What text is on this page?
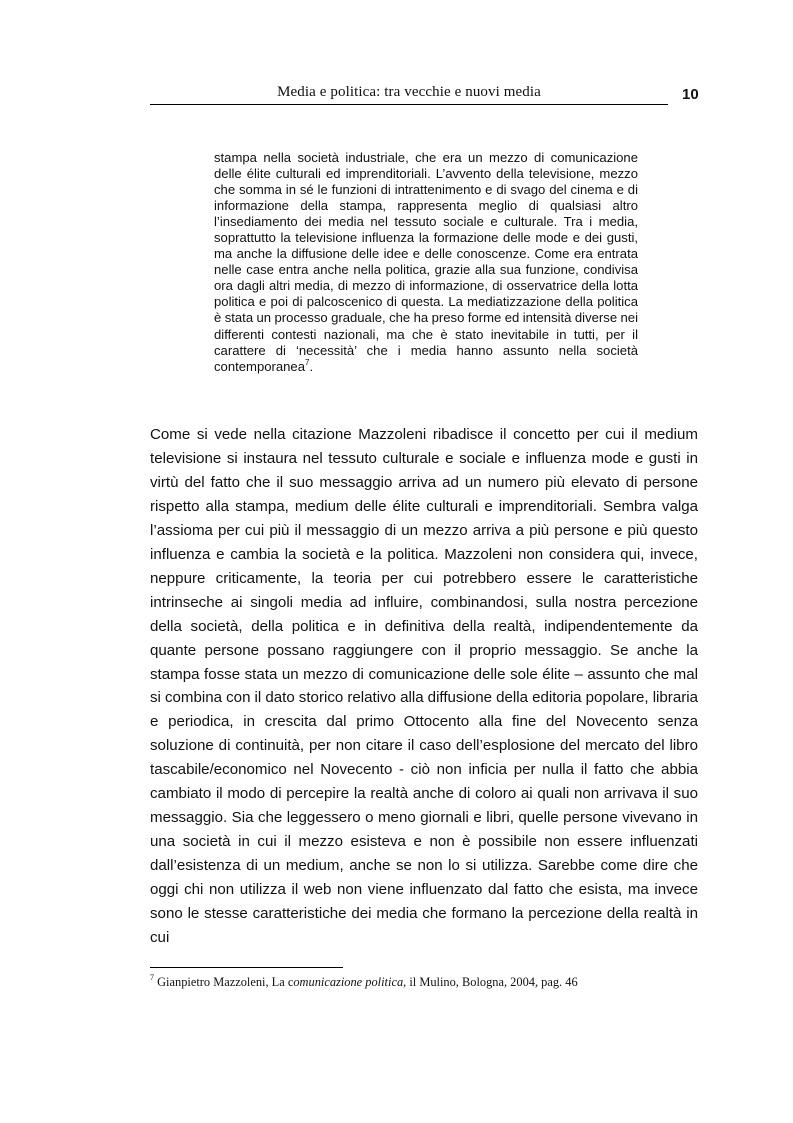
Media e politica: tra vecchie e nuovi media	10

stampa nella società industriale, che era un mezzo di comunicazione delle élite culturali ed imprenditoriali. L’avvento della televisione, mezzo che somma in sé le funzioni di intrattenimento e di svago del cinema e di informazione della stampa, rappresenta meglio di qualsiasi altro l’insediamento dei media nel tessuto sociale e culturale. Tra i media, soprattutto la televisione influenza la formazione delle mode e dei gusti, ma anche la diffusione delle idee e delle conoscenze. Come era entrata nelle case entra anche nella politica, grazie alla sua funzione, condivisa ora dagli altri media, di mezzo di informazione, di osservatrice della lotta politica e poi di palcoscenico di questa. La mediatizzazione della politica è stata un processo graduale, che ha preso forme ed intensità diverse nei differenti contesti nazionali, ma che è stato inevitabile in tutti, per il carattere di ‘necessità’ che i media hanno assunto nella società contemporanea$^7$.

Come si vede nella citazione Mazzoleni ribadisce il concetto per cui il medium televisione si instaura nel tessuto culturale e sociale e influenza mode e gusti in virtù del fatto che il suo messaggio arriva ad un numero più elevato di persone rispetto alla stampa, medium delle élite culturali e imprenditoriali. Sembra valga l’assioma per cui più il messaggio di un mezzo arriva a più persone e più questo influenza e cambia la società e la politica. Mazzoleni non considera qui, invece, neppure criticamente, la teoria per cui potrebbero essere le caratteristiche intrinseche ai singoli media ad influire, combinandosi, sulla nostra percezione della società, della politica e in definitiva della realtà, indipendentemente da quante persone possano raggiungere con il proprio messaggio. Se anche la stampa fosse stata un mezzo di comunicazione delle sole élite – assunto che mal si combina con il dato storico relativo alla diffusione della editoria popolare, libraria e periodica, in crescita dal primo Ottocento alla fine del Novecento senza soluzione di continuità, per non citare il caso dell’esplosione del mercato del libro tascabile/economico nel Novecento - ciò non inficia per nulla il fatto che abbia cambiato il modo di percepire la realtà anche di coloro ai quali non arrivava il suo messaggio. Sia che leggessero o meno giornali e libri, quelle persone vivevano in una società in cui il mezzo esisteva e non è possibile non essere influenzati dall’esistenza di un medium, anche se non lo si utilizza. Sarebbe come dire che oggi chi non utilizza il web non viene influenzato dal fatto che esista, ma invece sono le stesse caratteristiche dei media che formano la percezione della realtà in cui

$^7$ Gianpietro Mazzoleni, La comunicazione politica, il Mulino, Bologna, 2004, pag. 46
